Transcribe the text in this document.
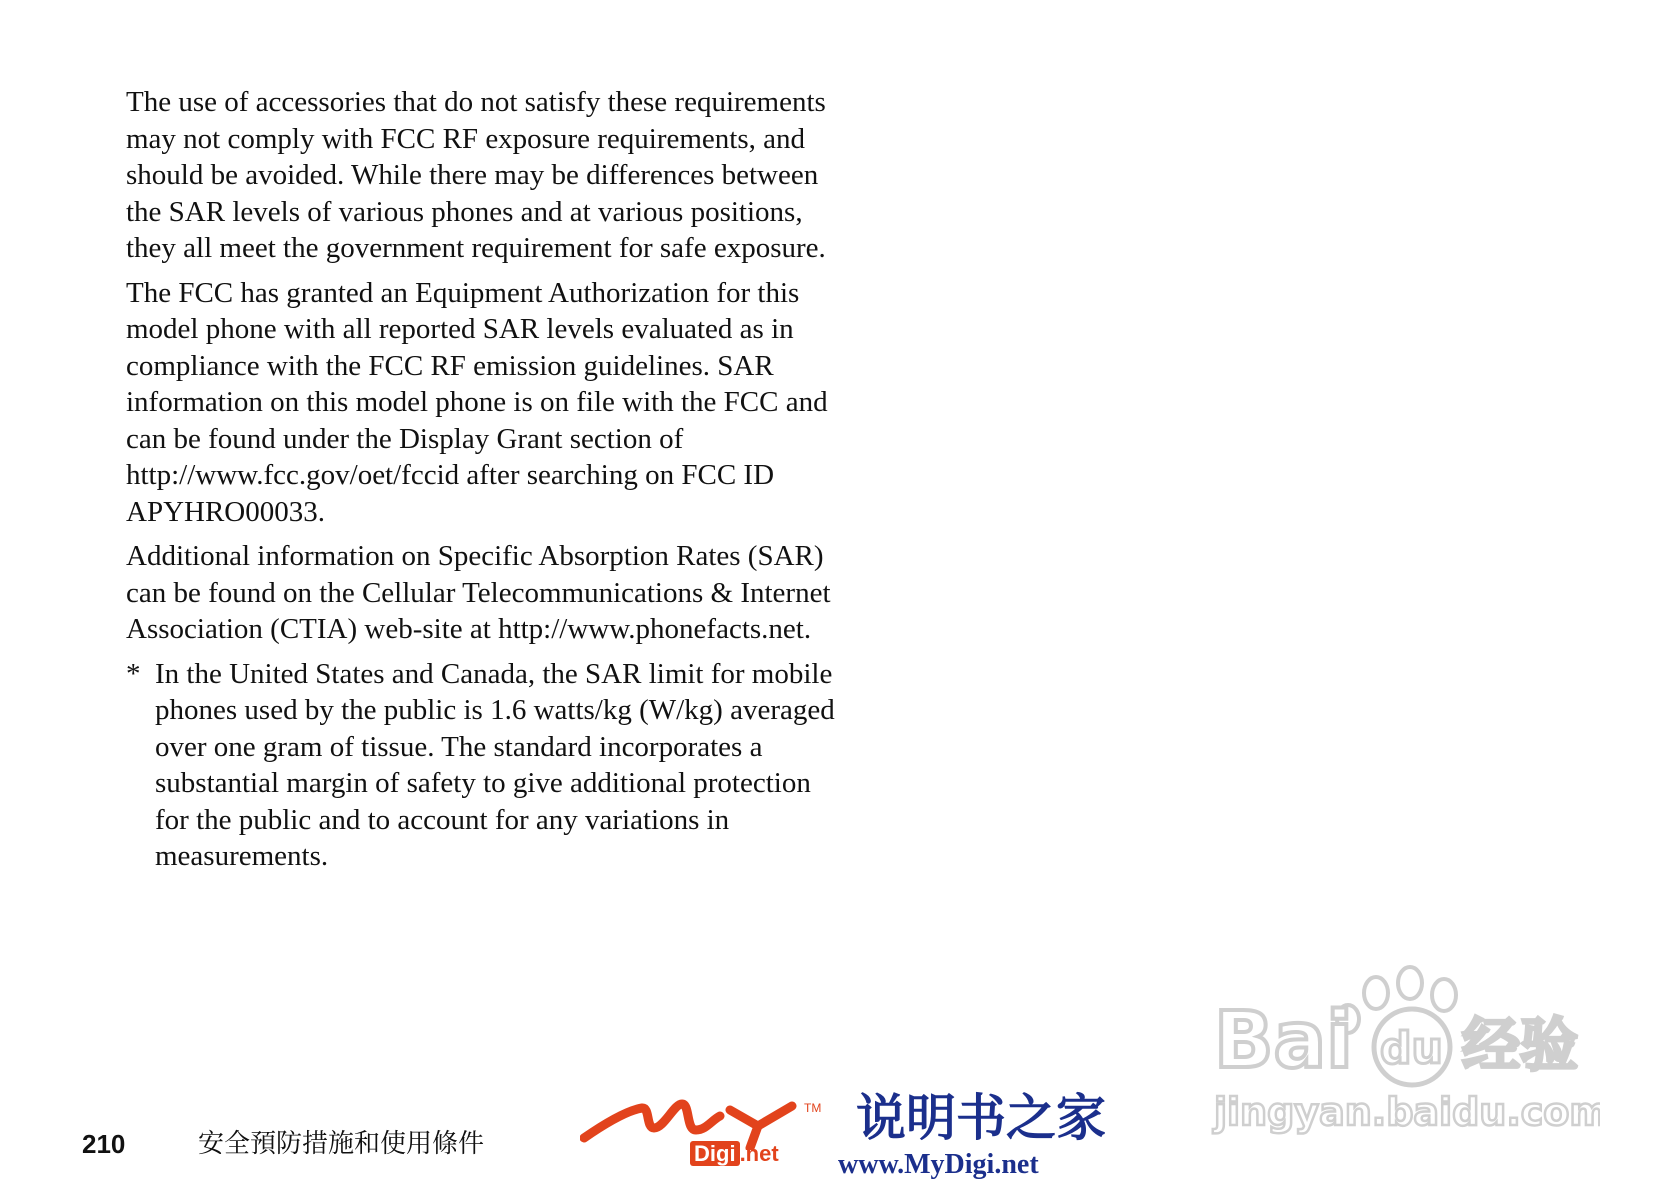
The use of accessories that do not satisfy these requirements may not comply with FCC RF exposure requirements, and should be avoided. While there may be differences between the SAR levels of various phones and at various positions, they all meet the government requirement for safe exposure.

The FCC has granted an Equipment Authorization for this model phone with all reported SAR levels evaluated as in compliance with the FCC RF emission guidelines. SAR information on this model phone is on file with the FCC and can be found under the Display Grant section of http://www.fcc.gov/oet/fccid after searching on FCC ID APYHRO00033.

Additional information on Specific Absorption Rates (SAR) can be found on the Cellular Telecommunications & Internet Association (CTIA) web-site at http://www.phonefacts.net.

* In the United States and Canada, the SAR limit for mobile phones used by the public is 1.6 watts/kg (W/kg) averaged over one gram of tissue. The standard incorporates a substantial margin of safety to give additional protection for the public and to account for any variations in measurements.

210	安全預防措施和使用條件
TM
Digi .net
说明书之家
www.MyDigi.net
Bai du 经验
jingyan.baidu.com
